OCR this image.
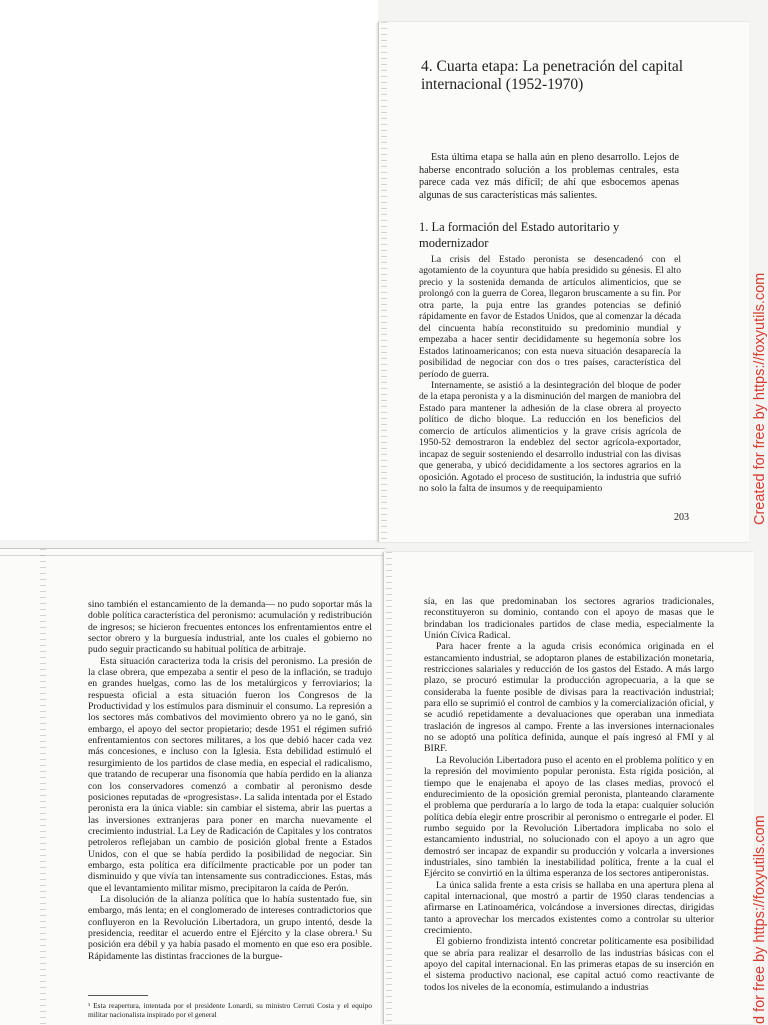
4. Cuarta etapa: La penetración del capital internacional (1952-1970)
Esta última etapa se halla aún en pleno desarrollo. Lejos de haberse encontrado solución a los problemas centrales, esta parece cada vez más difícil; de ahí que esbocemos apenas algunas de sus características más salientes.
1. La formación del Estado autoritario y modernizador

La crisis del Estado peronista se desencadenó con el agotamiento de la coyuntura que había presidido su génesis. El alto precio y la sostenida demanda de artículos alimenticios, que se prolongó con la guerra de Corea, llegaron bruscamente a su fin. Por otra parte, la puja entre las grandes potencias se definió rápidamente en favor de Estados Unidos, que al comenzar la década del cincuenta había reconstituido su predominio mundial y empezaba a hacer sentir decididamente su hegemonía sobre los Estados latinoamericanos; con esta nueva situación desaparecía la posibilidad de negociar con dos o tres países, característica del período de guerra.

Internamente, se asistió a la desintegración del bloque de poder de la etapa peronista y a la disminución del margen de maniobra del Estado para mantener la adhesión de la clase obrera al proyecto político de dicho bloque. La reducción en los beneficios del comercio de artículos alimenticios y la grave crisis agrícola de 1950-52 demostraron la endeblez del sector agrícola-exportador, incapaz de seguir sosteniendo el desarrollo industrial con las divisas que generaba, y ubicó decididamente a los sectores agrarios en la oposición. Agotado el proceso de sustitución, la industria que sufrió no solo la falta de insumos y de reequipamiento

203

sino también el estancamiento de la demanda— no pudo soportar más la doble política característica del peronismo: acumulación y redistribución de ingresos; se hicieron frecuentes entonces los enfrentamientos entre el sector obrero y la burguesía industrial, ante los cuales el gobierno no pudo seguir practicando su habitual política de arbitraje.

Esta situación caracteriza toda la crisis del peronismo. La presión de la clase obrera, que empezaba a sentir el peso de la inflación, se tradujo en grandes huelgas, como las de los metalúrgicos y ferroviarios; la respuesta oficial a esta situación fueron los Congresos de la Productividad y los estímulos para disminuir el consumo. La represión a los sectores más combativos del movimiento obrero ya no le ganó, sin embargo, el apoyo del sector propietario; desde 1951 el régimen sufrió enfrentamientos con sectores militares, a los que debió hacer cada vez más concesiones, e incluso con la Iglesia. Esta debilidad estimuló el resurgimiento de los partidos de clase media, en especial el radicalismo, que tratando de recuperar una fisonomía que había perdido en la alianza con los conservadores comenzó a combatir al peronismo desde posiciones reputadas de «progresistas». La salida intentada por el Estado peronista era la única viable: sin cambiar el sistema, abrir las puertas a las inversiones extranjeras para poner en marcha nuevamente el crecimiento industrial. La Ley de Radicación de Capitales y los contratos petroleros reflejaban un cambio de posición global frente a Estados Unidos, con el que se había perdido la posibilidad de negociar. Sin embargo, esta política era difícilmente practicable por un poder tan disminuido y que vivía tan intensamente sus contradicciones. Estas, más que el levantamiento militar mismo, precipitaron la caída de Perón.

La disolución de la alianza política que lo había sustentado fue, sin embargo, más lenta; en el conglomerado de intereses contradictorios que confluyeron en la Revolución Libertadora, un grupo intentó, desde la presidencia, reeditar el acuerdo entre el Ejército y la clase obrera.¹ Su posición era débil y ya había pasado el momento en que eso era posible. Rápidamente las distintas fracciones de la burgue-

¹ Esta reapertura, intentada por el presidente Lonardi, su ministro Cerruti Costa y el equipo militar nacionalista inspirado por el general

sía, en las que predominaban los sectores agrarios tradicionales, reconstituyeron su dominio, contando con el apoyo de masas que le brindaban los tradicionales partidos de clase media, especialmente la Unión Cívica Radical.

Para hacer frente a la aguda crisis económica originada en el estancamiento industrial, se adoptaron planes de estabilización monetaria, restricciones salariales y reducción de los gastos del Estado. A más largo plazo, se procuró estimular la producción agropecuaria, a la que se consideraba la fuente posible de divisas para la reactivación industrial; para ello se suprimió el control de cambios y la comercialización oficial, y se acudió repetidamente a devaluaciones que operaban una inmediata traslación de ingresos al campo. Frente a las inversiones internacionales no se adoptó una política definida, aunque el país ingresó al FMI y al BIRF.

La Revolución Libertadora puso el acento en el problema político y en la represión del movimiento popular peronista. Esta rígida posición, al tiempo que le enajenaba el apoyo de las clases medias, provocó el endurecimiento de la oposición gremial peronista, planteando claramente el problema que perduraría a lo largo de toda la etapa: cualquier solución política debía elegir entre proscribir al peronismo o entregarle el poder. El rumbo seguido por la Revolución Libertadora implicaba no solo el estancamiento industrial, no solucionado con el apoyo a un agro que demostró ser incapaz de expandir su producción y volcarla a inversiones industriales, sino también la inestabilidad política, frente a la cual el Ejército se convirtió en la última esperanza de los sectores antiperonistas.

La única salida frente a esta crisis se hallaba en una apertura plena al capital internacional, que mostró a partir de 1950 claras tendencias a afirmarse en Latinoamérica, volcándose a inversiones directas, dirigidas tanto a aprovechar los mercados existentes como a controlar su ulterior crecimiento.

El gobierno frondizista intentó concretar políticamente esa posibilidad que se abría para realizar el desarrollo de las industrias básicas con el apoyo del capital internacional. En las primeras etapas de su inserción en el sistema productivo nacional, ese capital actuó como reactivante de todos los niveles de la economía, estimulando a industrias

Created for free by https://foxyutils.com
d for free by https://foxyutils.com
